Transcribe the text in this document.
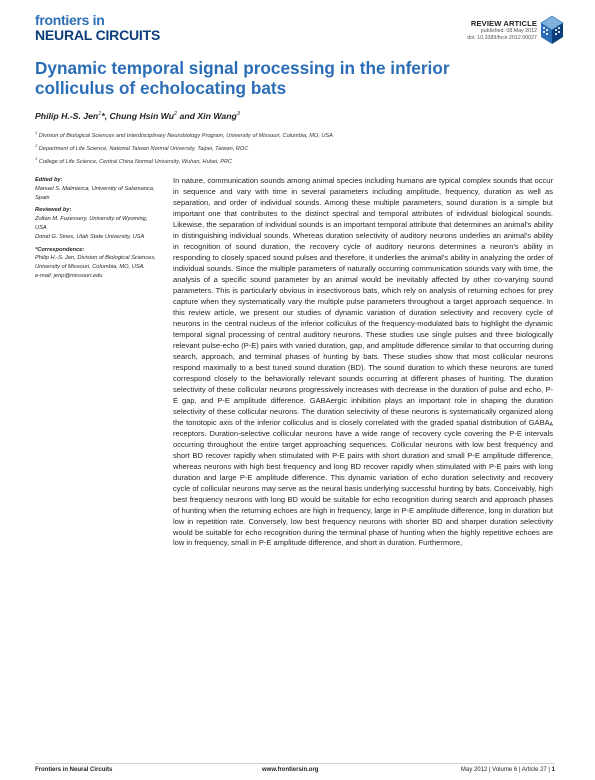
frontiers in
NEURAL CIRCUITS
REVIEW ARTICLE
published: 08 May 2012
doi: 10.3389/fncir.2012.00027
Dynamic temporal signal processing in the inferior colliculus of echolocating bats
Philip H.-S. Jen$^1$*, Chung Hsin Wu$^2$ and Xin Wang$^3$
$^1$ Division of Biological Sciences and Interdisciplinary Neurobiology Program, University of Missouri, Columbia, MO, USA
$^2$ Department of Life Science, National Taiwan Normal University, Taipei, Taiwan, ROC
$^3$ College of Life Science, Central China Normal University, Wuhan, Hubei, PRC
Edited by:
Manuel S. Malmierca, University of Salamanca, Spain
Reviewed by:
Zoltan M. Fuzessery, University of Wyoming, USA
Donal G. Sinex, Utah State University, USA
*Correspondence:
Philip H.-S. Jen, Division of Biological Sciences, University of Missouri, Columbia, MO, USA.
e-mail: jenp@missouri.edu
In nature, communication sounds among animal species including humans are typical complex sounds that occur in sequence and vary with time in several parameters including amplitude, frequency, duration as well as separation, and order of individual sounds. Among these multiple parameters, sound duration is a simple but important one that contributes to the distinct spectral and temporal attributes of individual biological sounds. Likewise, the separation of individual sounds is an important temporal attribute that determines an animal's ability in distinguishing individual sounds. Whereas duration selectivity of auditory neurons underlies an animal's ability in recognition of sound duration, the recovery cycle of auditory neurons determines a neuron's ability in responding to closely spaced sound pulses and therefore, it underlies the animal's ability in analyzing the order of individual sounds. Since the multiple parameters of naturally occurring communication sounds vary with time, the analysis of a specific sound parameter by an animal would be inevitably affected by other co-varying sound parameters. This is particularly obvious in insectivorous bats, which rely on analysis of returning echoes for prey capture when they systematically vary the multiple pulse parameters throughout a target approach sequence. In this review article, we present our studies of dynamic variation of duration selectivity and recovery cycle of neurons in the central nucleus of the inferior colliculus of the frequency-modulated bats to highlight the dynamic temporal signal processing of central auditory neurons. These studies use single pulses and three biologically relevant pulse-echo (P-E) pairs with varied duration, gap, and amplitude difference similar to that occurring during search, approach, and terminal phases of hunting by bats. These studies show that most collicular neurons respond maximally to a best tuned sound duration (BD). The sound duration to which these neurons are tuned correspond closely to the behaviorally relevant sounds occurring at different phases of hunting. The duration selectivity of these collicular neurons progressively increases with decrease in the duration of pulse and echo, P-E gap, and P-E amplitude difference. GABAergic inhibition plays an important role in shaping the duration selectivity of these collicular neurons. The duration selectivity of these neurons is systematically organized along the tonotopic axis of the inferior colliculus and is closely correlated with the graded spatial distribution of $GABA_A$ receptors. Duration-selective collicular neurons have a wide range of recovery cycle covering the P-E intervals occurring throughout the entire target approaching sequences. Collicular neurons with low best frequency and short BD recover rapidly when stimulated with P-E pairs with short duration and small P-E amplitude difference, whereas neurons with high best frequency and long BD recover rapidly when stimulated with P-E pairs with long duration and large P-E amplitude difference. This dynamic variation of echo duration selectivity and recovery cycle of collicular neurons may serve as the neural basis underlying successful hunting by bats. Conceivably, high best frequency neurons with long BD would be suitable for echo recognition during search and approach phases of hunting when the returning echoes are high in frequency, large in P-E amplitude difference, long in duration but low in repetition rate. Conversely, low best frequency neurons with shorter BD and sharper duration selectivity would be suitable for echo recognition during the terminal phase of hunting when the highly repetitive echoes are low in frequency, small in P-E amplitude difference, and short in duration. Furthermore,
Frontiers in Neural Circuits	www.frontiersin.org	May 2012 | Volume 6 | Article 27 | 1
